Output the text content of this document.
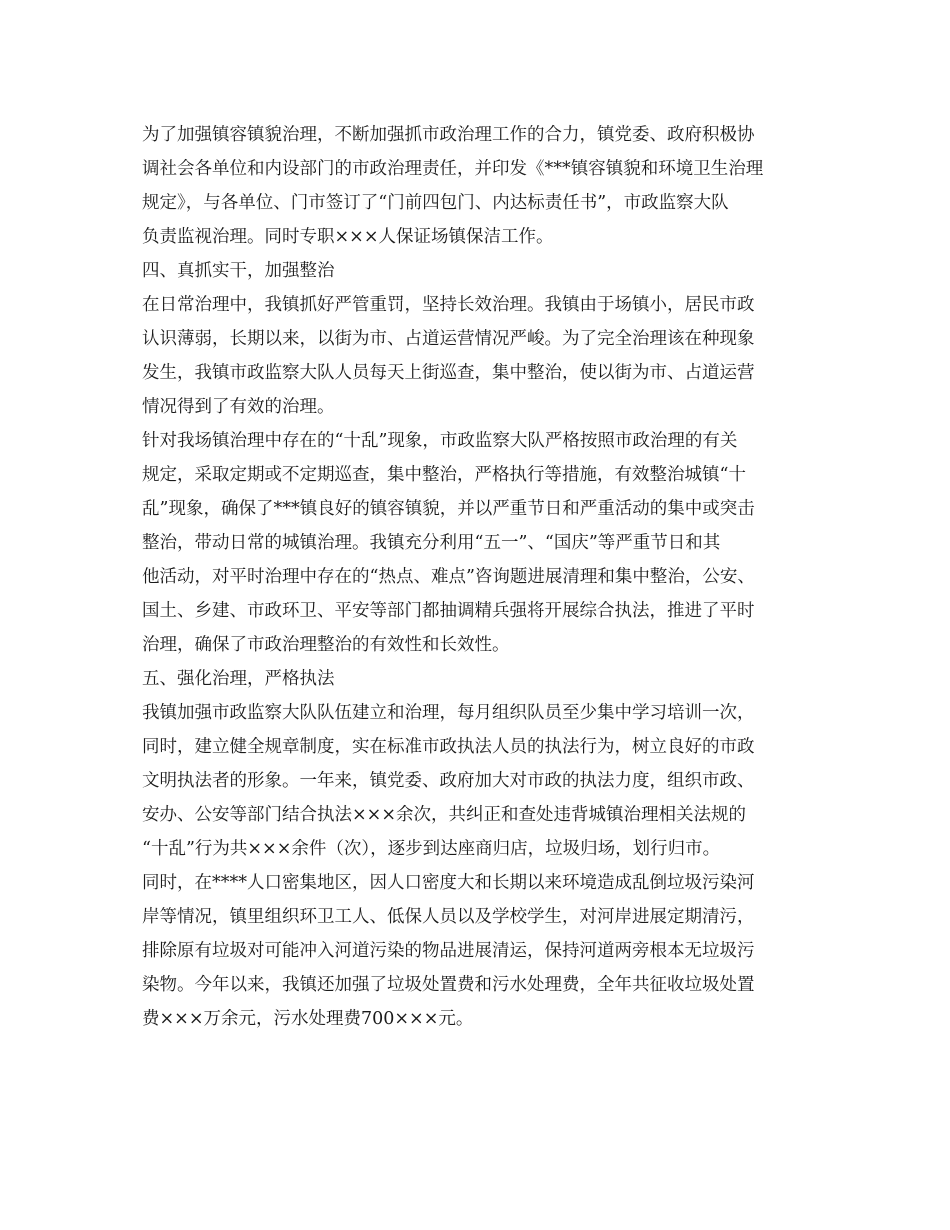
为了加强镇容镇貌治理，不断加强抓市政治理工作的合力，镇党委、政府积极协
调社会各单位和内设部门的市政治理责任，并印发《***镇容镇貌和环境卫生治理
规定》，与各单位、门市签订了“门前四包门、内达标责任书”，市政监察大队
负责监视治理。同时专职×××人保证场镇保洁工作。
四、真抓实干，加强整治
在日常治理中，我镇抓好严管重罚，坚持长效治理。我镇由于场镇小，居民市政
认识薄弱，长期以来，以街为市、占道运营情况严峻。为了完全治理该在种现象
发生，我镇市政监察大队人员每天上街巡查，集中整治，使以街为市、占道运营
情况得到了有效的治理。
针对我场镇治理中存在的“十乱”现象，市政监察大队严格按照市政治理的有关
规定，采取定期或不定期巡查，集中整治，严格执行等措施，有效整治城镇“十
乱”现象，确保了***镇良好的镇容镇貌，并以严重节日和严重活动的集中或突击
整治，带动日常的城镇治理。我镇充分利用“五一”、“国庆”等严重节日和其
他活动，对平时治理中存在的“热点、难点”咨询题进展清理和集中整治，公安、
国土、乡建、市政环卫、平安等部门都抽调精兵强将开展综合执法，推进了平时
治理，确保了市政治理整治的有效性和长效性。
五、强化治理，严格执法
我镇加强市政监察大队队伍建立和治理，每月组织队员至少集中学习培训一次，
同时，建立健全规章制度，实在标准市政执法人员的执法行为，树立良好的市政
文明执法者的形象。一年来，镇党委、政府加大对市政的执法力度，组织市政、
安办、公安等部门结合执法×××余次，共纠正和查处违背城镇治理相关法规的
“十乱”行为共×××余件（次），逐步到达座商归店，垃圾归场，划行归市。
同时，在****人口密集地区，因人口密度大和长期以来环境造成乱倒垃圾污染河
岸等情况，镇里组织环卫工人、低保人员以及学校学生，对河岸进展定期清污，
排除原有垃圾对可能冲入河道污染的物品进展清运，保持河道两旁根本无垃圾污
染物。今年以来，我镇还加强了垃圾处置费和污水处理费，全年共征收垃圾处置
费×××万余元，污水处理费700×××元。
